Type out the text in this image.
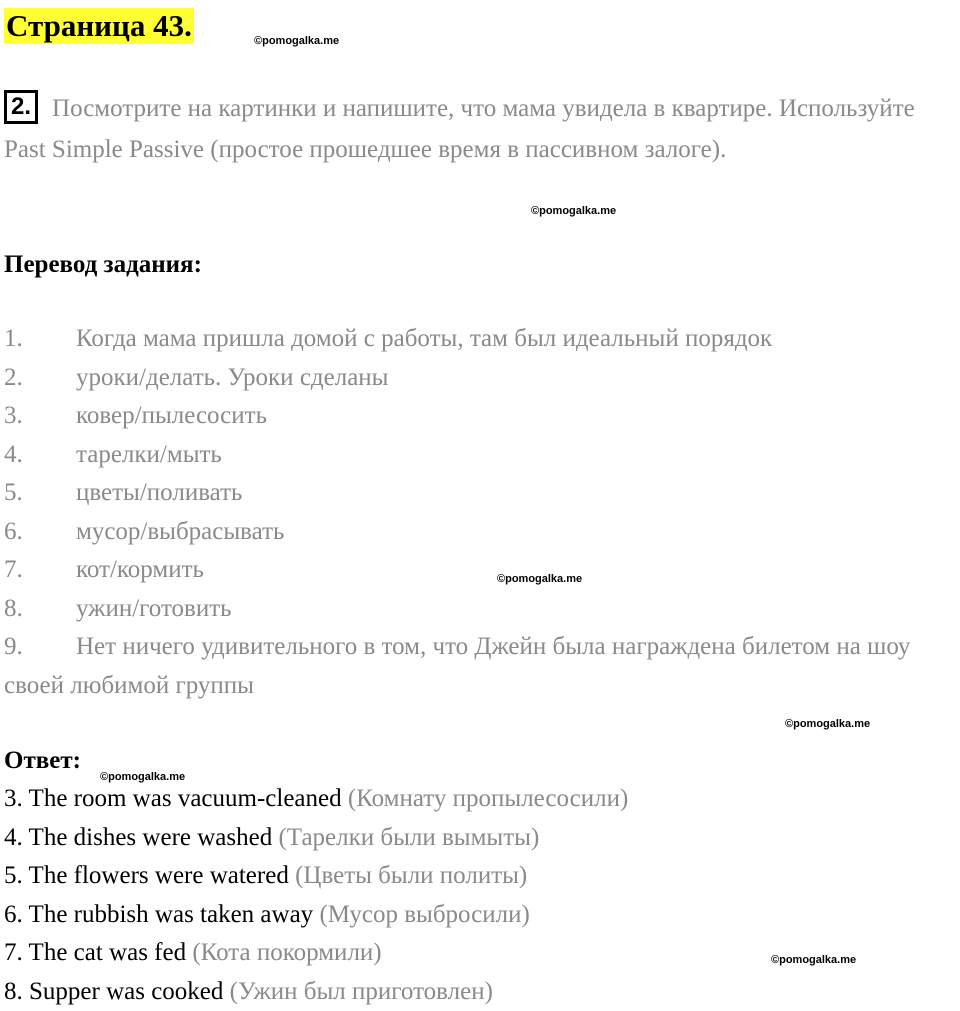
Страница 43.	©pomogalka.me
2. Посмотрите на картинки и напишите, что мама увидела в квартире. Используйте Past Simple Passive (простое прошедшее время в пассивном залоге).
©pomogalka.me
Перевод задания:
1. Когда мама пришла домой с работы, там был идеальный порядок
2. уроки/делать. Уроки сделаны
3. ковер/пылесосить
4. тарелки/мыть
5. цветы/поливать
6. мусор/выбрасывать
7. кот/кормить
8. ужин/готовить
9. Нет ничего удивительного в том, что Джейн была награждена билетом на шоу своей любимой группы
©pomogalka.me
©pomogalka.me
Ответ:
©pomogalka.me
3. The room was vacuum-cleaned (Комнату пропылесосили)
4. The dishes were washed (Тарелки были вымыты)
5. The flowers were watered (Цветы были политы)
6. The rubbish was taken away (Мусор выбросили)
7. The cat was fed (Кота покормили)
8. Supper was cooked (Ужин был приготовлен)
©pomogalka.me
